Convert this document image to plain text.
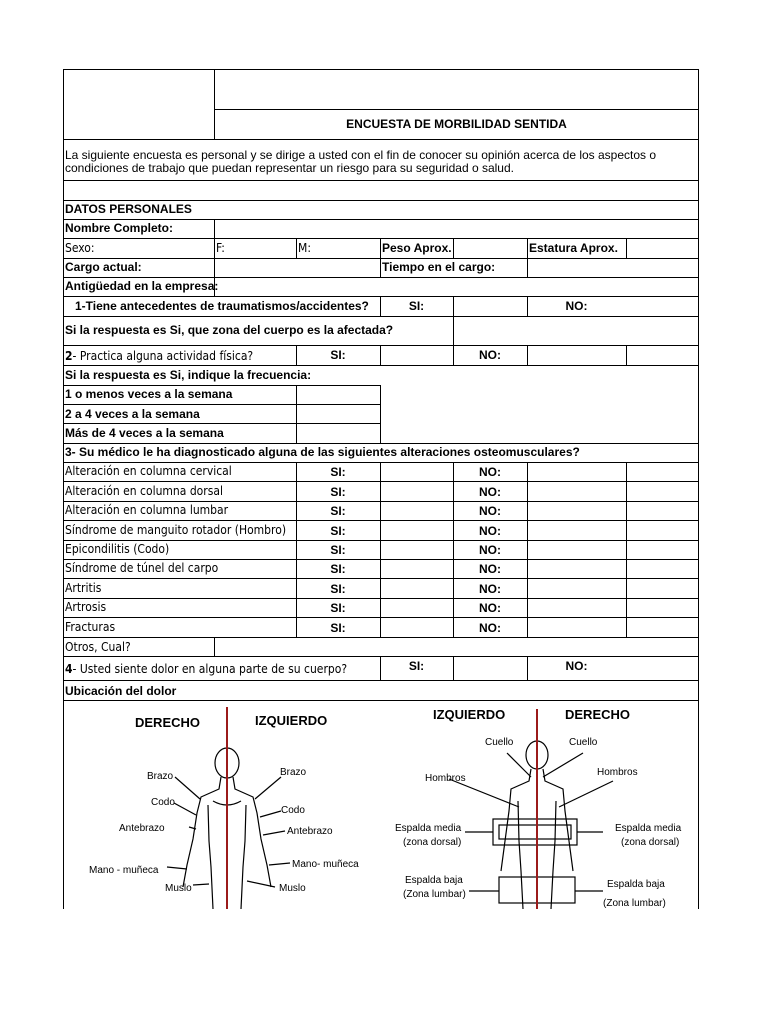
ENCUESTA DE MORBILIDAD SENTIDA
La siguiente encuesta es personal y se dirige a usted con el fin de conocer su opinión acerca de los aspectos o condiciones de trabajo que puedan representar un riesgo para su seguridad o salud.
DATOS PERSONALES
Nombre Completo:
Sexo:	F:	M:	Peso Aprox.	Estatura Aprox.
Cargo actual:	Tiempo en el cargo:
Antigüedad en la empresa:
1-Tiene antecedentes de traumatismos/accidentes?	SI:	NO:
Si la respuesta es Si, que zona del cuerpo es la afectada?
2- Practica alguna actividad física?	SI:	NO:
Si la respuesta es Si, indique la frecuencia:
1 o menos veces a la semana
2 a 4 veces a la semana
Más de 4 veces a la semana
3- Su médico le ha diagnosticado alguna de las siguientes alteraciones osteomusculares?
Alteración en columna cervical	SI:	NO:
Alteración en columna dorsal	SI:	NO:
Alteración en columna lumbar	SI:	NO:
Síndrome de manguito rotador (Hombro)	SI:	NO:
Epicondilitis (Codo)	SI:	NO:
Síndrome de túnel del carpo	SI:	NO:
Artritis	SI:	NO:
Artrosis	SI:	NO:
Fracturas	SI:	NO:
Otros, Cual?
4- Usted siente dolor en alguna parte de su cuerpo?	SI:	NO:
Ubicación del dolor
DERECHO	IZQUIERDO
Brazo
Codo
Antebrazo
Mano - muñeca
Muslo
Brazo
Codo
Antebrazo
Mano- muñeca
Muslo
IZQUIERDO	DERECHO
Cuello	Cuello
Hombros
Hombros
Espalda media
(zona dorsal)
Espalda media
(zona dorsal)
Espalda baja
(Zona lumbar)
Espalda baja
(Zona lumbar)
